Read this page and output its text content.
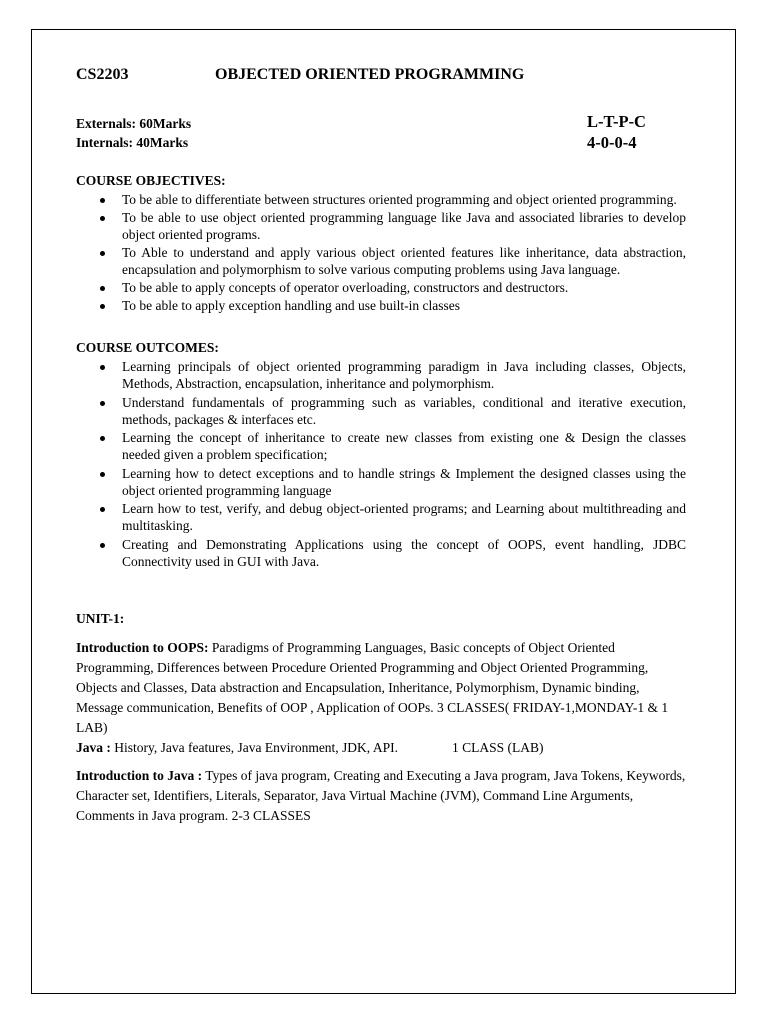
CS2203	OBJECTED ORIENTED PROGRAMMING
Externals: 60Marks
Internals: 40Marks
L-T-P-C
4-0-0-4
COURSE OBJECTIVES:
To be able to differentiate between structures oriented programming and object oriented programming.
To be able to use object oriented programming language like Java and associated libraries to develop object oriented programs.
To Able to understand and apply various object oriented features like inheritance, data abstraction, encapsulation and polymorphism to solve various computing problems using Java language.
To be able to apply concepts of operator overloading, constructors and destructors.
To be able to apply exception handling and use built-in classes
COURSE OUTCOMES:
Learning principals of object oriented programming paradigm in Java including classes, Objects, Methods, Abstraction, encapsulation, inheritance and polymorphism.
Understand fundamentals of programming such as variables, conditional and iterative execution, methods, packages & interfaces etc.
Learning the concept of inheritance to create new classes from existing one & Design the classes needed given a problem specification;
Learning how to detect exceptions and to handle strings & Implement the designed classes using the object oriented programming language
Learn how to test, verify, and debug object-oriented programs; and Learning about multithreading and multitasking.
Creating and Demonstrating Applications using the concept of OOPS, event handling, JDBC Connectivity used in GUI with Java.
UNIT-1:
Introduction to OOPS: Paradigms of Programming Languages, Basic concepts of Object Oriented Programming, Differences between Procedure Oriented Programming and Object Oriented Programming, Objects and Classes, Data abstraction and Encapsulation, Inheritance, Polymorphism, Dynamic binding, Message communication, Benefits of OOP , Application of OOPs. 3 CLASSES( FRIDAY-1,MONDAY-1 & 1 LAB)
Java : History, Java features, Java Environment, JDK, API.	1 CLASS (LAB)
Introduction to Java : Types of java program, Creating and Executing a Java program, Java Tokens, Keywords, Character set, Identifiers, Literals, Separator, Java Virtual Machine (JVM), Command Line Arguments, Comments in Java program. 2-3 CLASSES
